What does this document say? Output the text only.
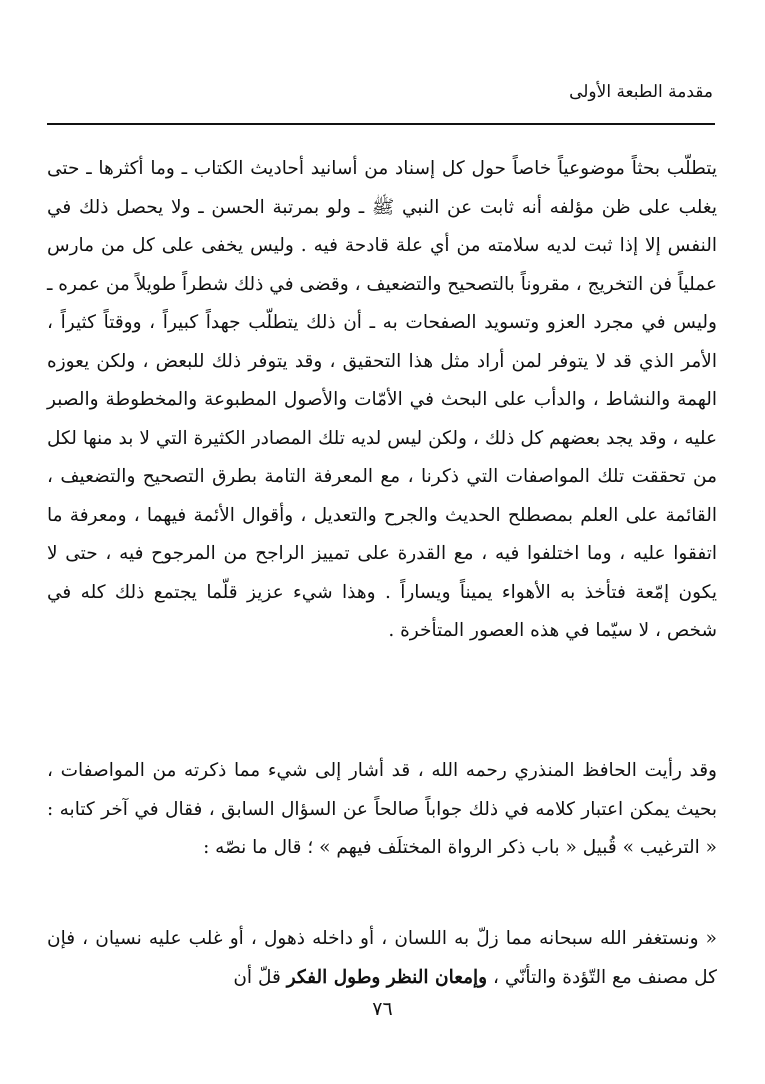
مقدمة الطبعة الأولى

يتطلّب بحثاً موضوعياً خاصاً حول كل إسناد من أسانيد أحاديث الكتاب ـ وما أكثرها ـ حتى يغلب على ظن مؤلفه أنه ثابت عن النبي ﷺ ـ ولو بمرتبة الحسن ـ ولا يحصل ذلك في النفس إلا إذا ثبت لديه سلامته من أي علة قادحة فيه . وليس يخفى على كل من مارس عملياً فن التخريج ، مقروناً بالتصحيح والتضعيف ، وقضى في ذلك شطراً طويلاً من عمره ـ وليس في مجرد العزو وتسويد الصفحات به ـ أن ذلك يتطلّب جهداً كبيراً ، ووقتاً كثيراً ، الأمر الذي قد لا يتوفر لمن أراد مثل هذا التحقيق ، وقد يتوفر ذلك للبعض ، ولكن يعوزه الهمة والنشاط ، والدأب على البحث في الأمّات والأصول المطبوعة والمخطوطة والصبر عليه ، وقد يجد بعضهم كل ذلك ، ولكن ليس لديه تلك المصادر الكثيرة التي لا بد منها لكل من تحققت تلك المواصفات التي ذكرنا ، مع المعرفة التامة بطرق التصحيح والتضعيف ، القائمة على العلم بمصطلح الحديث والجرح والتعديل ، وأقوال الأئمة فيهما ، ومعرفة ما اتفقوا عليه ، وما اختلفوا فيه ، مع القدرة على تمييز الراجح من المرجوح فيه ، حتى لا يكون إمّعة فتأخذ به الأهواء يميناً ويساراً . وهذا شيء عزيز قلّما يجتمع ذلك كله في شخص ، لا سيّما في هذه العصور المتأخرة .

وقد رأيت الحافظ المنذري رحمه الله ، قد أشار إلى شيء مما ذكرته من المواصفات ، بحيث يمكن اعتبار كلامه في ذلك جواباً صالحاً عن السؤال السابق ، فقال في آخر كتابه : « الترغيب » قُبيل « باب ذكر الرواة المختلَف فيهم » ؛ قال ما نصّه :

« ونستغفر الله سبحانه مما زلّ به اللسان ، أو داخله ذهول ، أو غلب عليه نسيان ، فإن كل مصنف مع التّؤدة والتأنّي ، وإمعان النظر وطول الفكر قلّ أن

٧٦
